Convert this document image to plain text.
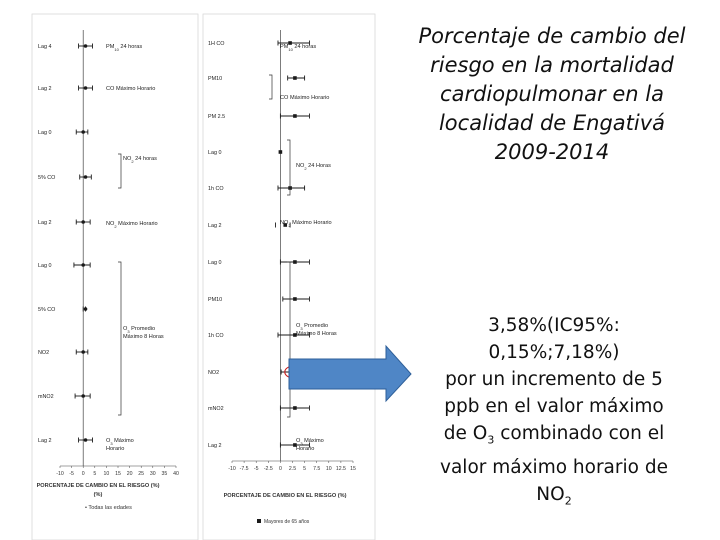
-10 -5 0 5 10 15 20 25 30 35 40
Lag 4
Lag 2
Lag 0
5% CO
Lag 2
Lag 0
5% CO
NO2
mNO2
Lag 2
$PM_{10}$ 24 horas
CO Máximo Horario
$NO_2$ 24 horas
$NO_2$ Máximo Horario
$O_3$ Promedio
Máximo 8 Horas
$O_3$ Máximo
Horario
PORCENTAJE DE CAMBIO EN EL RIESGO (%)
(%)
• Todas las edades
-10 -7.5 -5 -2.5 0 2.5 5 7.5 10 12.5 15
1H CO
PM10
PM 2.5
Lag 0
1h CO
Lag 2
Lag 0
PM10
1h CO
NO2
mNO2
Lag 2
$PM_{10}$ 24 horas
CO Máximo Horario
$NO_2$ 24 Horas
$NO_2$ Máximo Horario
$O_3$ Promedio
Máximo 8 Horas
$O_3$ Máximo
Horario
PORCENTAJE DE CAMBIO EN EL RIESGO (%)
Mayores de 65 años
Porcentaje de cambio del
riesgo en la mortalidad
cardiopulmonar en la
localidad de Engativá
2009-2014
3,58%(IC95%: 0,15%;7,18%)
por un incremento de 5
ppb en el valor máximo
de $O_3$ combinado con el
valor máximo horario de
$NO_2$
